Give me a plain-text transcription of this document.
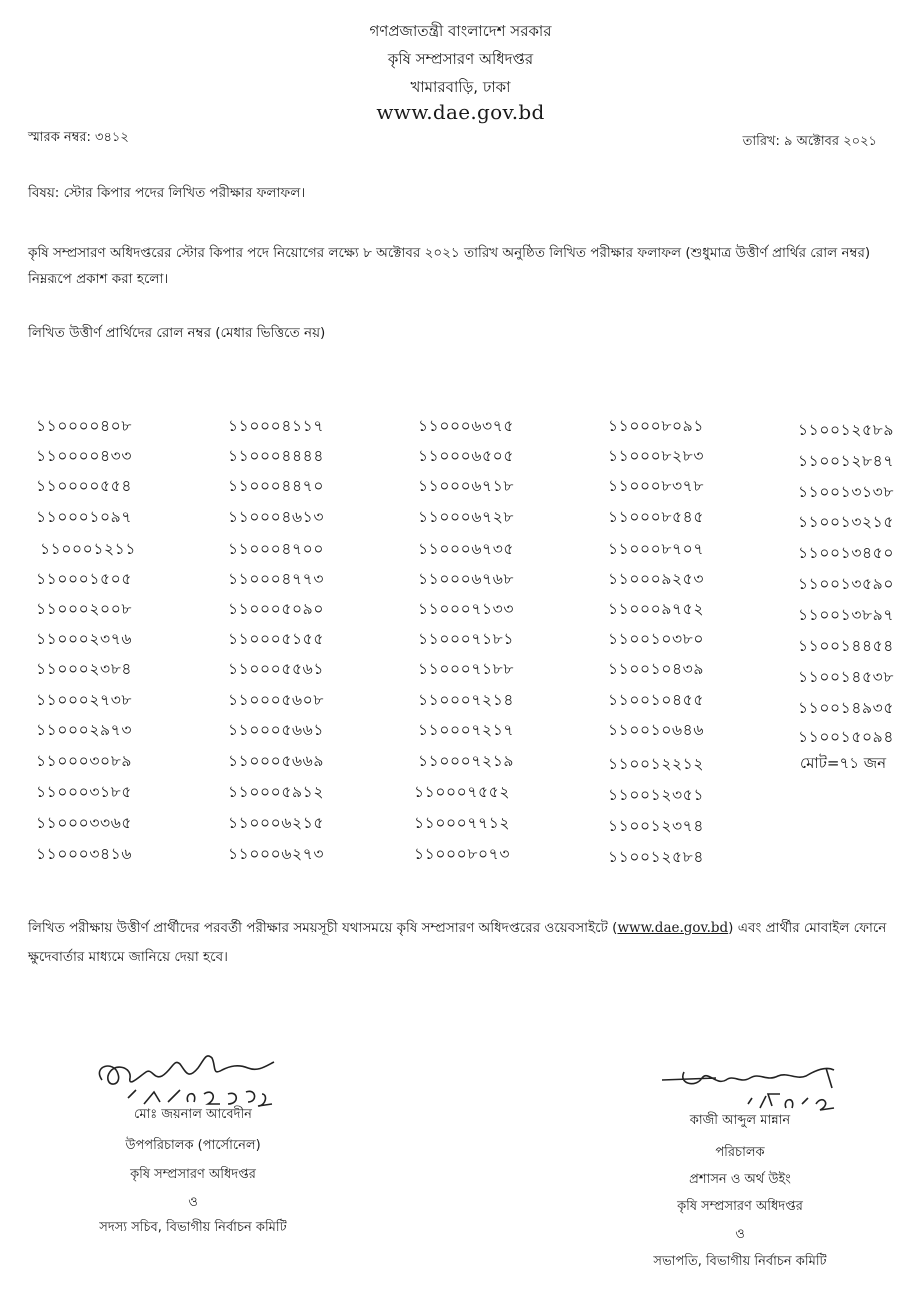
গণপ্রজাতন্ত্রী বাংলাদেশ সরকার
কৃষি সম্প্রসারণ অধিদপ্তর
খামারবাড়ি, ঢাকা
www.dae.gov.bd
স্মারক নম্বর: ৩৪১২	তারিখ: ৯ অক্টোবর ২০২১
বিষয়: স্টোর কিপার পদের লিখিত পরীক্ষার ফলাফল।
কৃষি সম্প্রসারণ অধিদপ্তরের স্টোর কিপার পদে নিয়োগের লক্ষ্যে ৮ অক্টোবর ২০২১ তারিখ অনুষ্ঠিত লিখিত পরীক্ষার ফলাফল (শুধুমাত্র উত্তীর্ণ প্রার্থির রোল নম্বর) নিম্নরূপে প্রকাশ করা হলো।
লিখিত উত্তীর্ণ প্রার্থিদের রোল নম্বর (মেধার ভিত্তিতে নয়)
১১০০০০৪০৮
১১০০০০৪৩৩
১১০০০০৫৫৪
১১০০০১০৯৭
১১০০০১২১১
১১০০০১৫০৫
১১০০০২০০৮
১১০০০২৩৭৬
১১০০০২৩৮৪
১১০০০২৭৩৮
১১০০০২৯৭৩
১১০০০৩০৮৯
১১০০০৩১৮৫
১১০০০৩৩৬৫
১১০০০৩৪১৬
১১০০০৪১১৭
১১০০০৪৪৪৪
১১০০০৪৪৭০
১১০০০৪৬১৩
১১০০০৪৭০০
১১০০০৪৭৭৩
১১০০০৫০৯০
১১০০০৫১৫৫
১১০০০৫৫৬১
১১০০০৫৬০৮
১১০০০৫৬৬১
১১০০০৫৬৬৯
১১০০০৫৯১২
১১০০০৬২১৫
১১০০০৬২৭৩
১১০০০৬৩৭৫
১১০০০৬৫০৫
১১০০০৬৭১৮
১১০০০৬৭২৮
১১০০০৬৭৩৫
১১০০০৬৭৬৮
১১০০০৭১৩৩
১১০০০৭১৮১
১১০০০৭১৮৮
১১০০০৭২১৪
১১০০০৭২১৭
১১০০০৭২১৯
১১০০০৭৫৫২
১১০০০৭৭১২
১১০০০৮০৭৩
১১০০০৮০৯১
১১০০০৮২৮৩
১১০০০৮৩৭৮
১১০০০৮৫৪৫
১১০০০৮৭০৭
১১০০০৯২৫৩
১১০০০৯৭৫২
১১০০১০৩৮০
১১০০১০৪৩৯
১১০০১০৪৫৫
১১০০১০৬৪৬
১১০০১২২১২
১১০০১২৩৫১
১১০০১২৩৭৪
১১০০১২৫৮৪
১১০০১২৫৮৯
১১০০১২৮৪৭
১১০০১৩১৩৮
১১০০১৩২১৫
১১০০১৩৪৫০
১১০০১৩৫৯০
১১০০১৩৮৯৭
১১০০১৪৪৫৪
১১০০১৪৫৩৮
১১০০১৪৯৩৫
১১০০১৫০৯৪
মোট=৭১ জন
লিখিত পরীক্ষায় উত্তীর্ণ প্রার্থীদের পরবর্তী পরীক্ষার সময়সূচী যথাসময়ে কৃষি সম্প্রসারণ অধিদপ্তরের ওয়েবসাইটে (www.dae.gov.bd) এবং প্রার্থীর মোবাইল ফোনে ক্ষুদেবার্তার মাধ্যমে জানিয়ে দেয়া হবে।
মোঃ জয়নাল আবেদীন
উপপরিচালক (পার্সোনেল)
কৃষি সম্প্রসারণ অধিদপ্তর
ও
সদস্য সচিব, বিভাগীয় নির্বাচন কমিটি
কাজী আব্দুল মান্নান
পরিচালক
প্রশাসন ও অর্থ উইং
কৃষি সম্প্রসারণ অধিদপ্তর
ও
সভাপতি, বিভাগীয় নির্বাচন কমিটি
